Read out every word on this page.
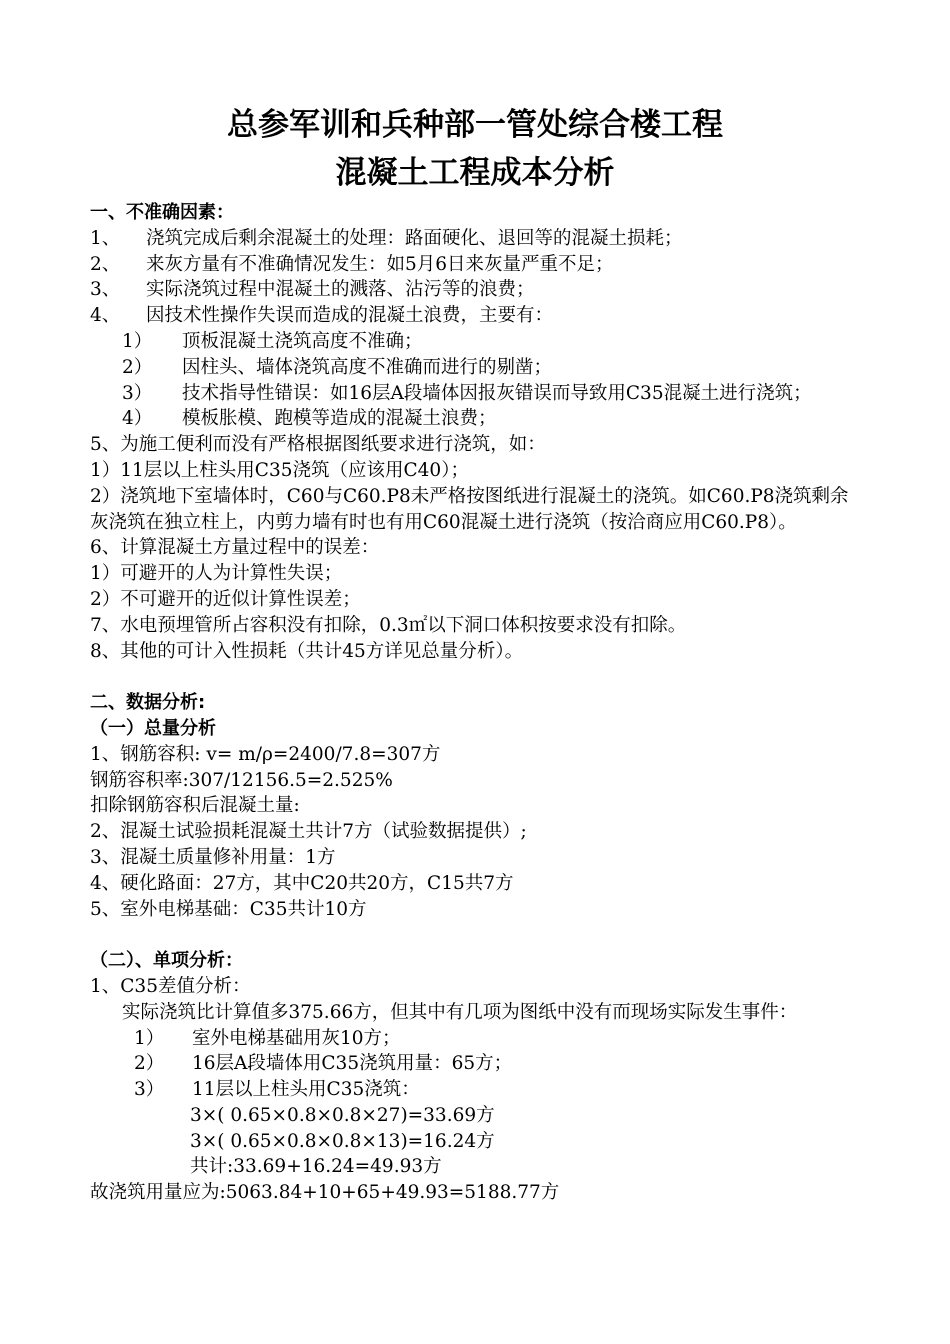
总参军训和兵种部一管处综合楼工程
混凝土工程成本分析
一、不准确因素：
1、 浇筑完成后剩余混凝土的处理：路面硬化、退回等的混凝土损耗；
2、 来灰方量有不准确情况发生：如5月6日来灰量严重不足；
3、 实际浇筑过程中混凝土的溅落、沾污等的浪费；
4、 因技术性操作失误而造成的混凝土浪费，主要有：
1） 顶板混凝土浇筑高度不准确；
2） 因柱头、墙体浇筑高度不准确而进行的剔凿；
3） 技术指导性错误：如16层A段墙体因报灰错误而导致用C35混凝土进行浇筑；
4） 模板胀模、跑模等造成的混凝土浪费；
5、为施工便利而没有严格根据图纸要求进行浇筑，如：
1）11层以上柱头用C35浇筑（应该用C40）；
2）浇筑地下室墙体时，C60与C60.P8未严格按图纸进行混凝土的浇筑。如C60.P8浇筑剩余灰浇筑在独立柱上，内剪力墙有时也有用C60混凝土进行浇筑（按洽商应用C60.P8）。
6、计算混凝土方量过程中的误差：
1）可避开的人为计算性失误；
2）不可避开的近似计算性误差；
7、水电预埋管所占容积没有扣除，0.3㎡以下洞口体积按要求没有扣除。
8、其他的可计入性损耗（共计45方详见总量分析）。
二、数据分析:
（一）总量分析
1、钢筋容积: v= m/ρ=2400/7.8=307方
钢筋容积率:307/12156.5=2.525%
扣除钢筋容积后混凝土量:
2、混凝土试验损耗混凝土共计7方（试验数据提供）;
3、混凝土质量修补用量：1方
4、硬化路面：27方，其中C20共20方，C15共7方
5、室外电梯基础：C35共计10方
（二）、单项分析：
1、C35差值分析：
实际浇筑比计算值多375.66方，但其中有几项为图纸中没有而现场实际发生事件：
1） 室外电梯基础用灰10方；
2） 16层A段墙体用C35浇筑用量：65方；
3） 11层以上柱头用C35浇筑：
3×( 0.65×0.8×0.8×27)=33.69方
3×( 0.65×0.8×0.8×13)=16.24方
共计:33.69+16.24=49.93方
故浇筑用量应为:5063.84+10+65+49.93=5188.77方
